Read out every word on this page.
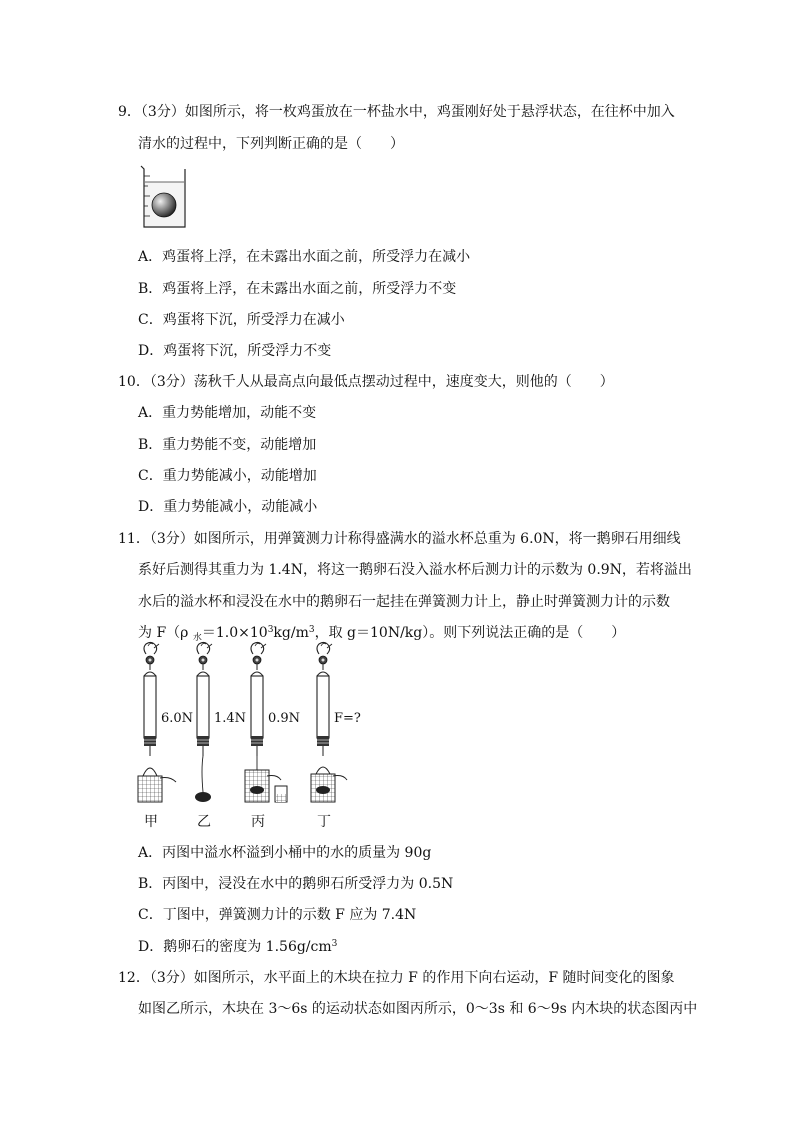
9．（3分）如图所示，将一枚鸡蛋放在一杯盐水中，鸡蛋刚好处于悬浮状态，在往杯中加入
清水的过程中，下列判断正确的是（　　）
A．鸡蛋将上浮，在未露出水面之前，所受浮力在减小
B．鸡蛋将上浮，在未露出水面之前，所受浮力不变
C．鸡蛋将下沉，所受浮力在减小
D．鸡蛋将下沉，所受浮力不变
10．（3分）荡秋千人从最高点向最低点摆动过程中，速度变大，则他的（　　）
A．重力势能增加，动能不变
B．重力势能不变，动能增加
C．重力势能减小，动能增加
D．重力势能减小，动能减小
11．（3分）如图所示，用弹簧测力计称得盛满水的溢水杯总重为 6.0N，将一鹅卵石用细线
系好后测得其重力为 1.4N，将这一鹅卵石没入溢水杯后测力计的示数为 0.9N，若将溢出
水后的溢水杯和浸没在水中的鹅卵石一起挂在弹簧测力计上，静止时弹簧测力计的示数
为 F（ρ $_水=1.0\times 10^3kg/m^3$，取 g＝10N/kg）。则下列说法正确的是（　　）
6.0N 1.4N 0.9N	F=?
甲	乙	丙	丁
A．丙图中溢水杯溢到小桶中的水的质量为 90g
B．丙图中，浸没在水中的鹅卵石所受浮力为 0.5N
C．丁图中，弹簧测力计的示数 F 应为 7.4N
D．鹅卵石的密度为 $1.56g/cm^3$
12．（3分）如图所示，水平面上的木块在拉力 F 的作用下向右运动，F 随时间变化的图象
如图乙所示，木块在 3～6s 的运动状态如图丙所示，0～3s 和 6～9s 内木块的状态图丙中
